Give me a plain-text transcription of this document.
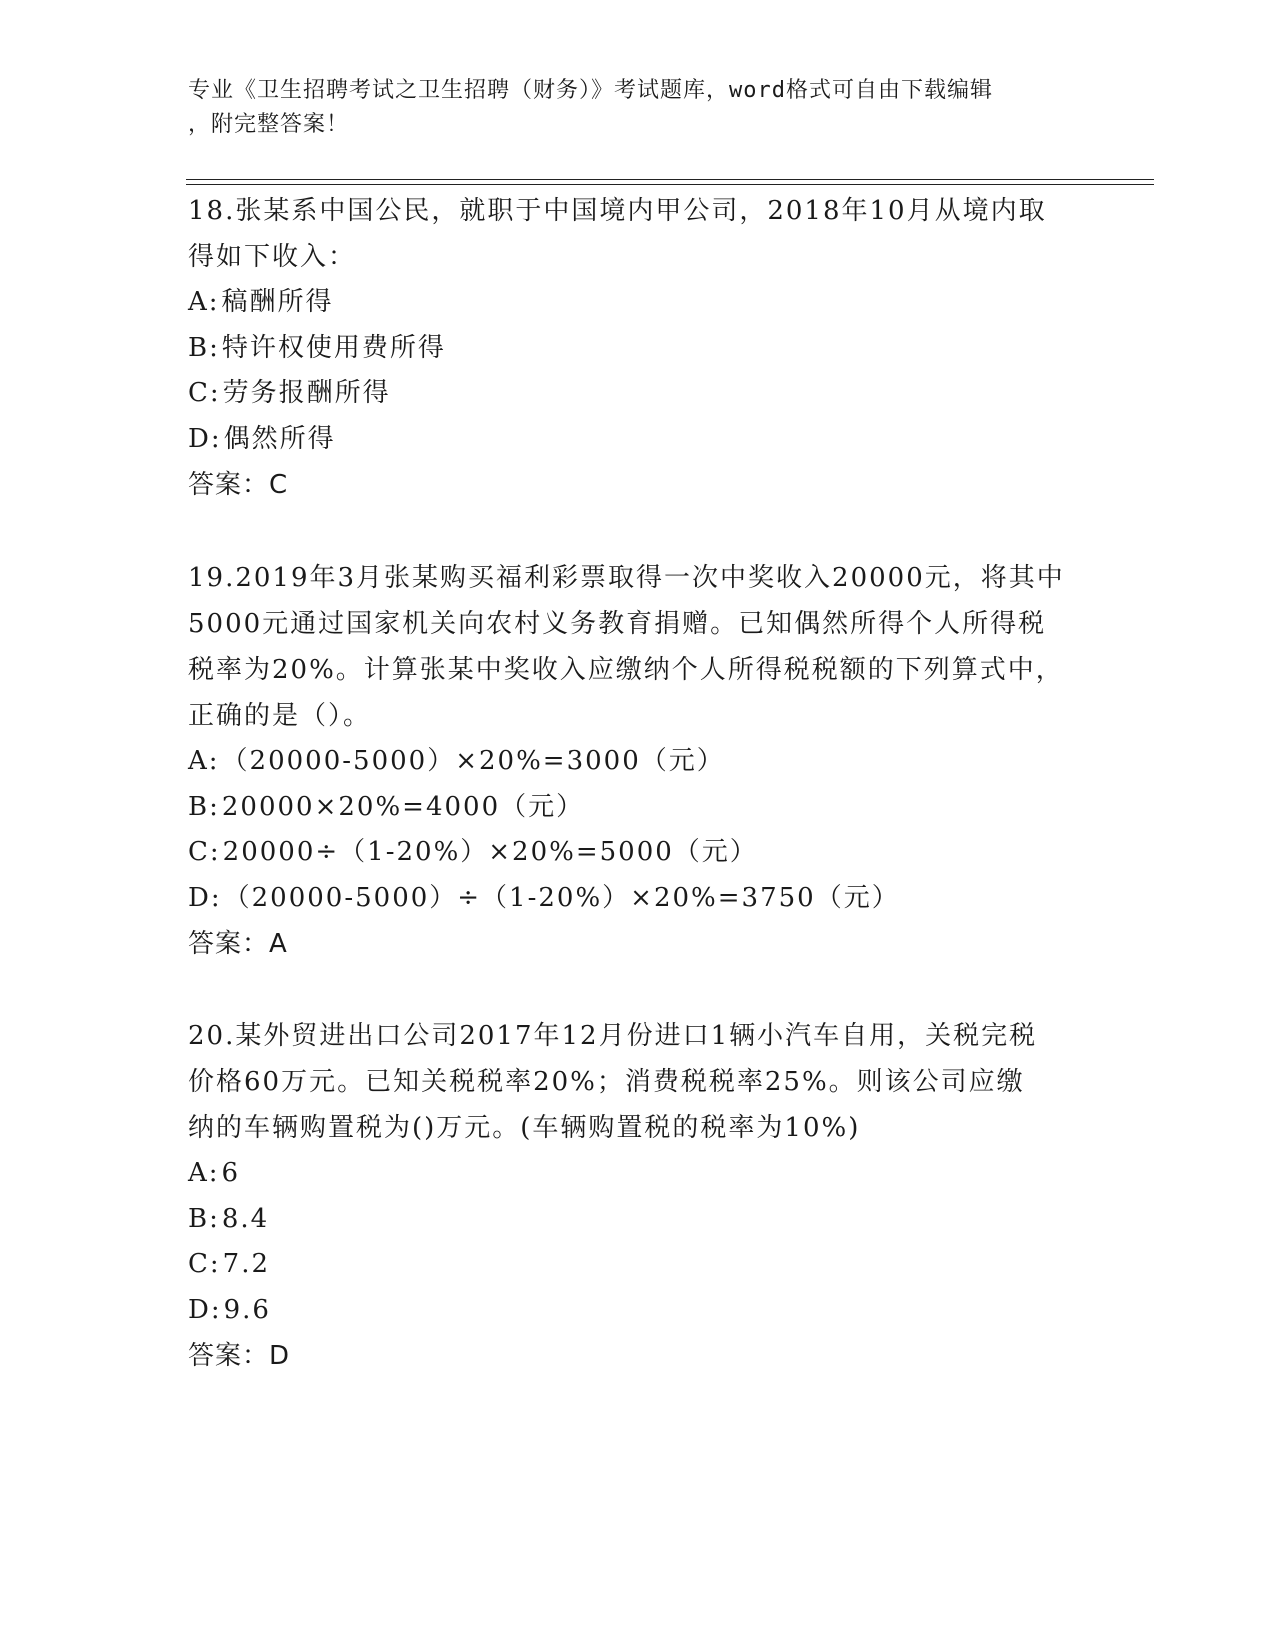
专业《卫生招聘考试之卫生招聘（财务）》考试题库，word格式可自由下载编辑
，附完整答案！

18.张某系中国公民，就职于中国境内甲公司，2018年10月从境内取

得如下收入：

A:稿酬所得

B:特许权使用费所得

C:劳务报酬所得

D:偶然所得

答案：C

19.2019年3月张某购买福利彩票取得一次中奖收入20000元，将其中

5000元通过国家机关向农村义务教育捐赠。已知偶然所得个人所得税

税率为20%。计算张某中奖收入应缴纳个人所得税税额的下列算式中，

正确的是（）。

A:（20000-5000）×20%=3000（元）

B:20000×20%=4000（元）

C:20000÷（1-20%）×20%=5000（元）

D:（20000-5000）÷（1-20%）×20%=3750（元）

答案：A

20.某外贸进出口公司2017年12月份进口1辆小汽车自用，关税完税

价格60万元。已知关税税率20%；消费税税率25%。则该公司应缴

纳的车辆购置税为()万元。(车辆购置税的税率为10%)

A:6

B:8.4

C:7.2

D:9.6

答案：D
